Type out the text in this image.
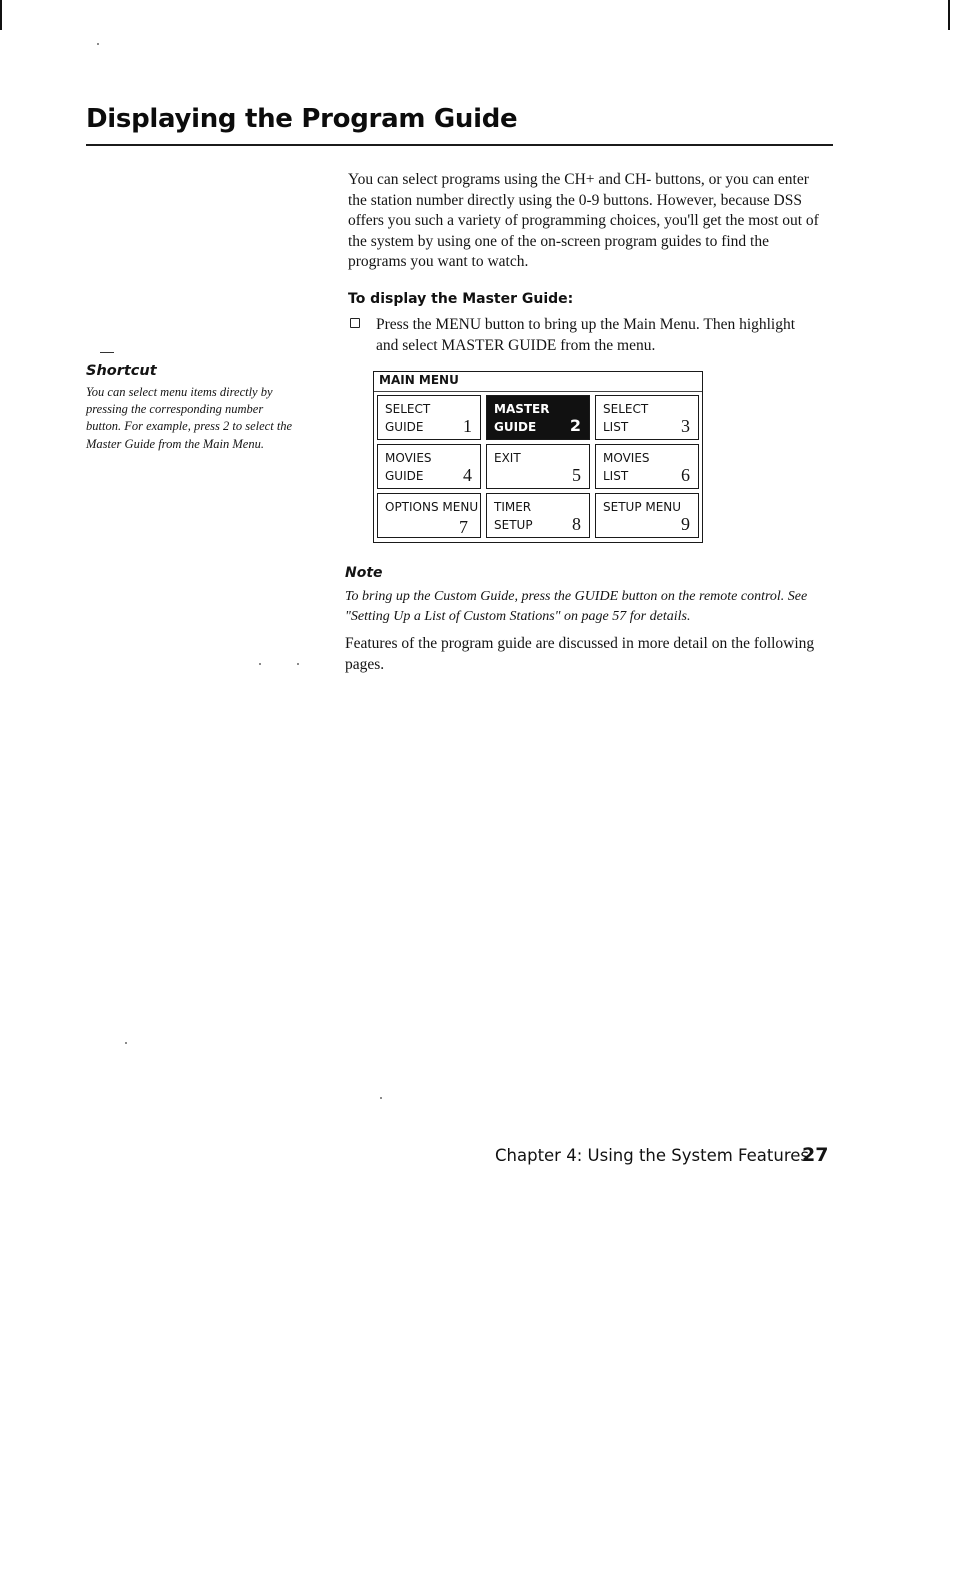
Displaying the Program Guide

You can select programs using the CH+ and CH- buttons, or you can enter the station number directly using the 0-9 buttons. However, because DSS offers you such a variety of programming choices, you'll get the most out of the system by using one of the on-screen program guides to find the programs you want to watch.

To display the Master Guide:

Press the MENU button to bring up the Main Menu. Then highlight and select MASTER GUIDE from the menu.

Shortcut

You can select menu items directly by pressing the corresponding number button. For example, press 2 to select the Master Guide from the Main Menu.

MAIN MENU
SELECT
GUIDE	1
MASTER
GUIDE	2
SELECT
LIST	3
MOVIES
GUIDE	4
EXIT
5
MOVIES
LIST	6
OPTIONS MENU
7
TIMER
SETUP 8
SETUP MENU
9
Note

To bring up the Custom Guide, press the GUIDE button on the remote control. See "Setting Up a List of Custom Stations" on page 57 for details.

Features of the program guide are discussed in more detail on the following pages.

Chapter 4: Using the System Features

27
